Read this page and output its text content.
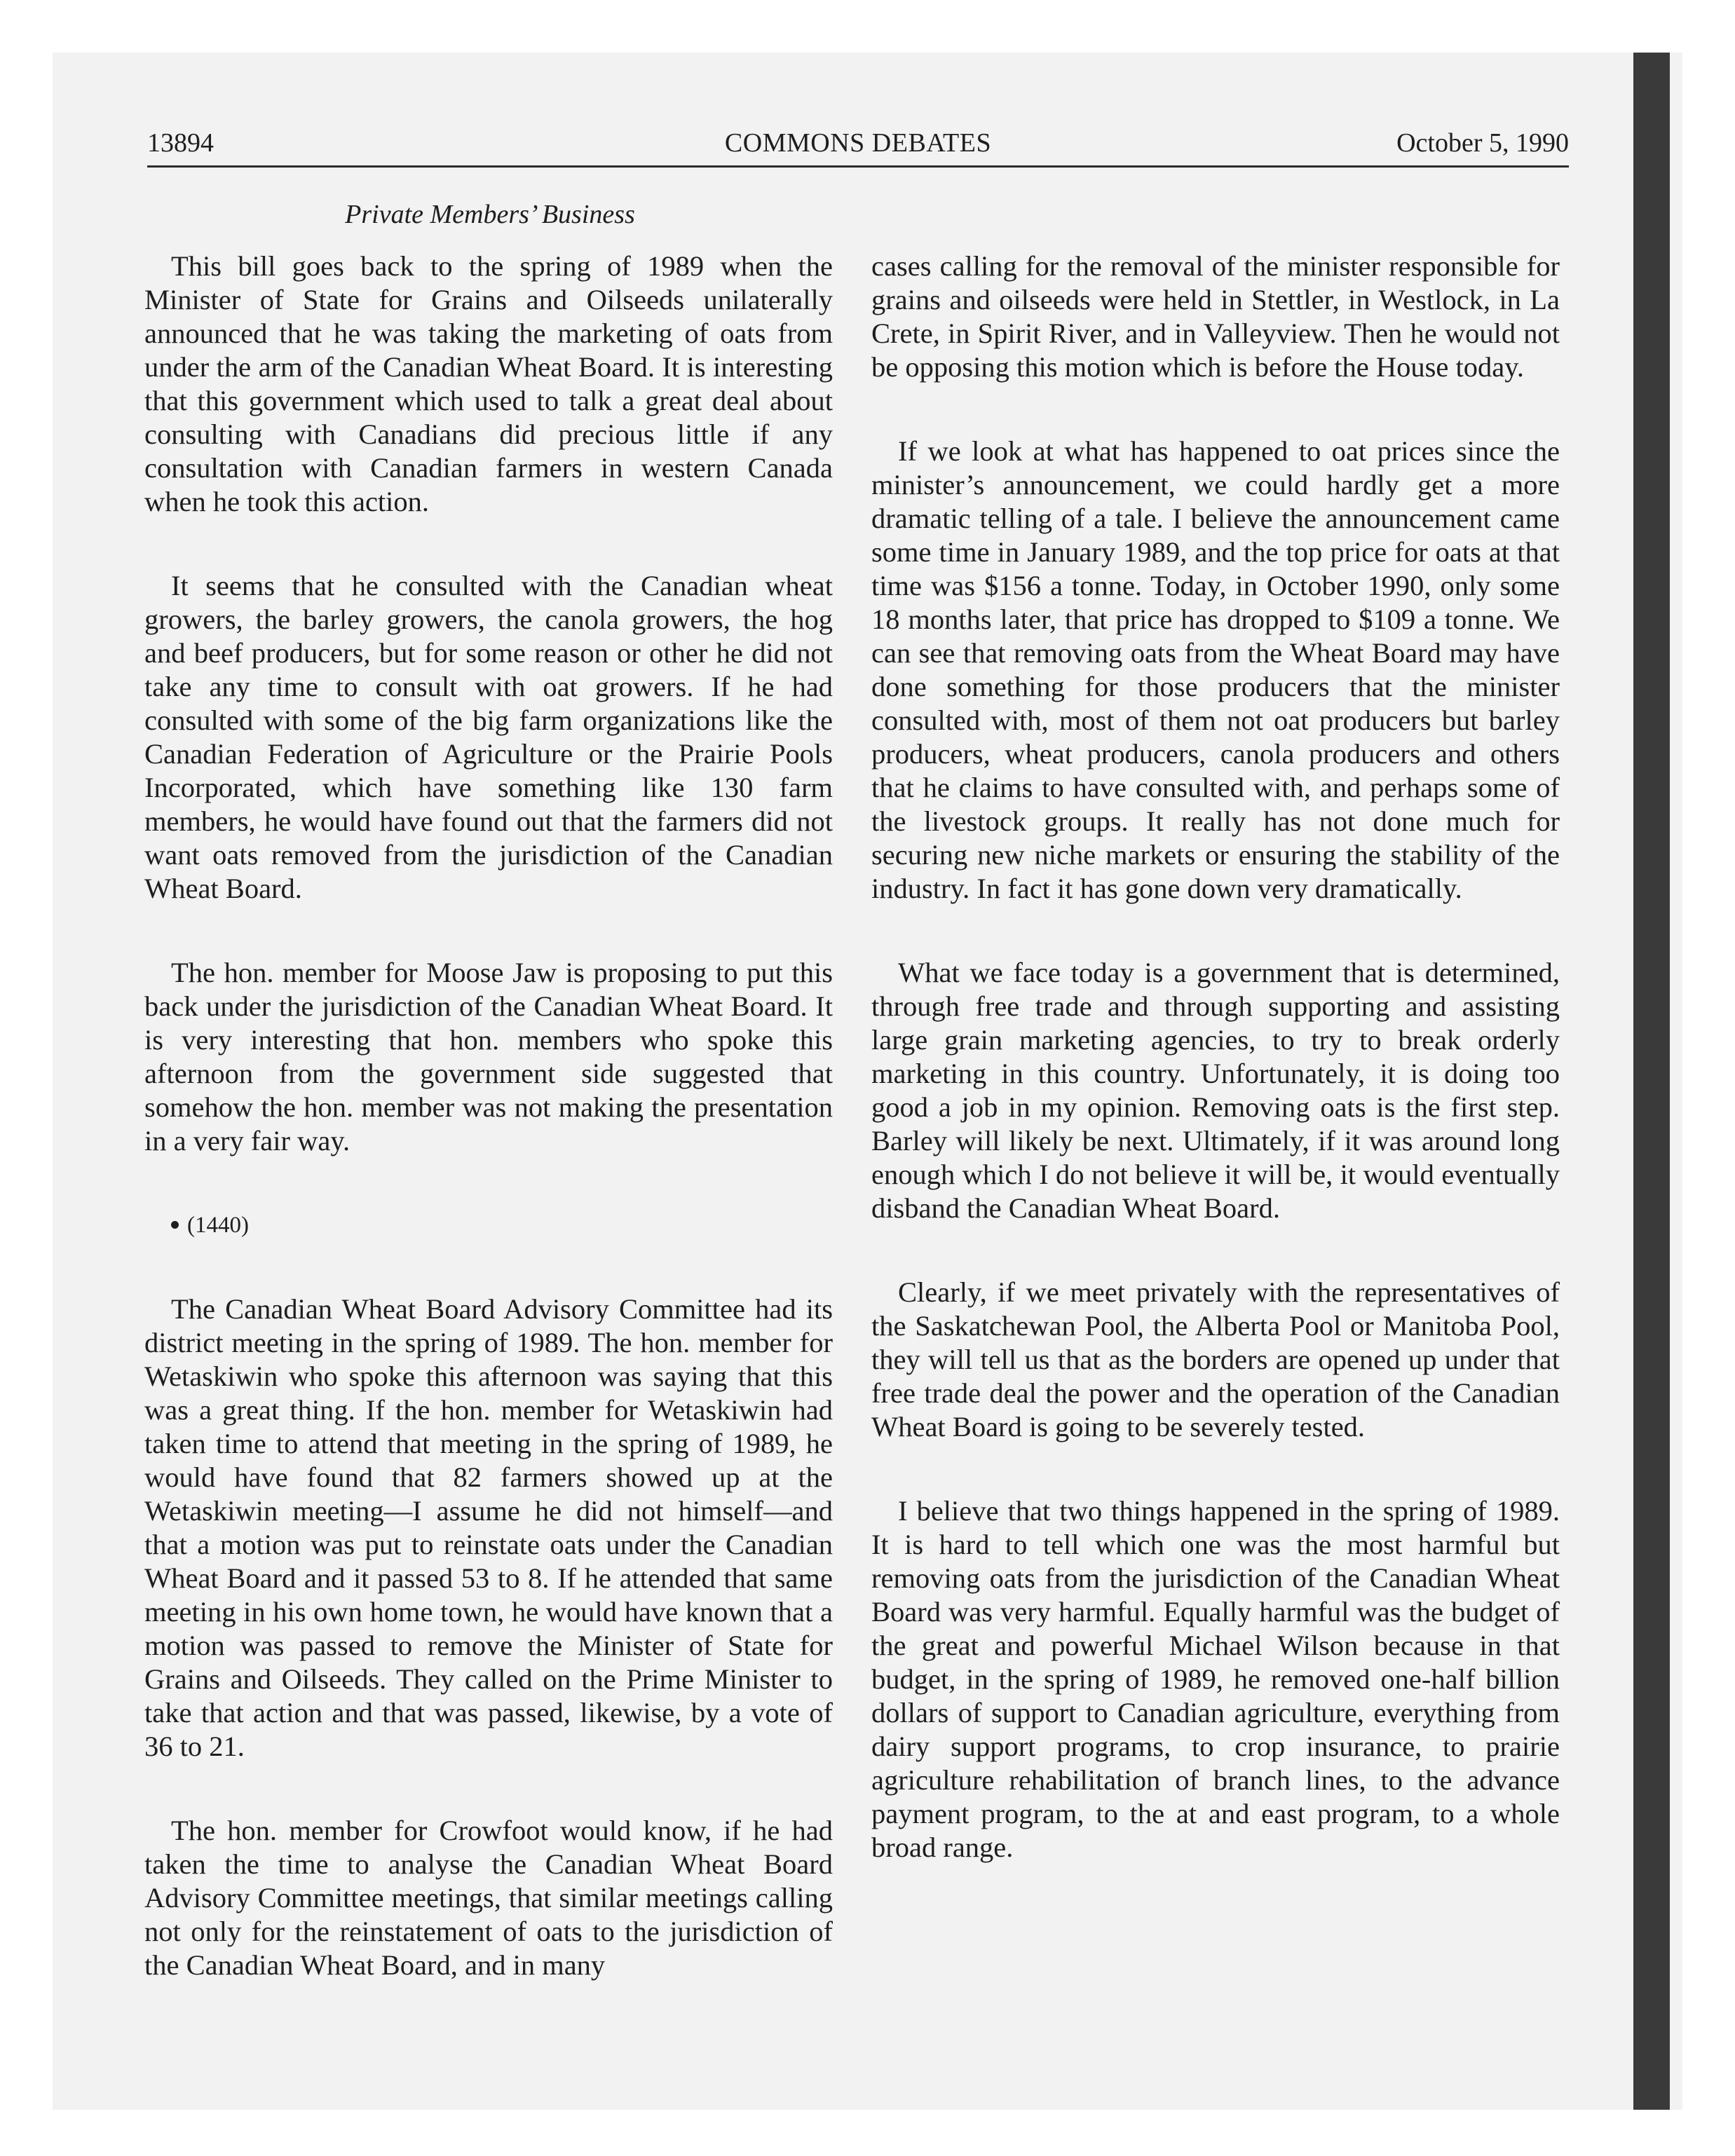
13894	COMMONS DEBATES	October 5, 1990
Private Members’ Business

This bill goes back to the spring of 1989 when the Minister of State for Grains and Oilseeds unilaterally announced that he was taking the marketing of oats from under the arm of the Canadian Wheat Board. It is interesting that this government which used to talk a great deal about consulting with Canadians did precious little if any consultation with Canadian farmers in western Canada when he took this action.

It seems that he consulted with the Canadian wheat growers, the barley growers, the canola growers, the hog and beef producers, but for some reason or other he did not take any time to consult with oat growers. If he had consulted with some of the big farm organizations like the Canadian Federation of Agriculture or the Prairie Pools Incorporated, which have something like 130 farm members, he would have found out that the farmers did not want oats removed from the jurisdiction of the Canadian Wheat Board.

The hon. member for Moose Jaw is proposing to put this back under the jurisdiction of the Canadian Wheat Board. It is very interesting that hon. members who spoke this afternoon from the government side suggested that somehow the hon. member was not making the presentation in a very fair way.

(1440)

The Canadian Wheat Board Advisory Committee had its district meeting in the spring of 1989. The hon. member for Wetaskiwin who spoke this afternoon was saying that this was a great thing. If the hon. member for Wetaskiwin had taken time to attend that meeting in the spring of 1989, he would have found that 82 farmers showed up at the Wetaskiwin meeting—I assume he did not himself—and that a motion was put to reinstate oats under the Canadian Wheat Board and it passed 53 to 8. If he attended that same meeting in his own home town, he would have known that a motion was passed to remove the Minister of State for Grains and Oilseeds. They called on the Prime Minister to take that action and that was passed, likewise, by a vote of 36 to 21.

The hon. member for Crowfoot would know, if he had taken the time to analyse the Canadian Wheat Board Advisory Committee meetings, that similar meetings calling not only for the reinstatement of oats to the jurisdiction of the Canadian Wheat Board, and in many

cases calling for the removal of the minister responsible for grains and oilseeds were held in Stettler, in Westlock, in La Crete, in Spirit River, and in Valleyview. Then he would not be opposing this motion which is before the House today.

If we look at what has happened to oat prices since the minister’s announcement, we could hardly get a more dramatic telling of a tale. I believe the announcement came some time in January 1989, and the top price for oats at that time was $156 a tonne. Today, in October 1990, only some 18 months later, that price has dropped to $109 a tonne. We can see that removing oats from the Wheat Board may have done something for those producers that the minister consulted with, most of them not oat producers but barley producers, wheat producers, canola producers and others that he claims to have consulted with, and perhaps some of the livestock groups. It really has not done much for securing new niche markets or ensuring the stability of the industry. In fact it has gone down very dramatically.

What we face today is a government that is determined, through free trade and through supporting and assisting large grain marketing agencies, to try to break orderly marketing in this country. Unfortunately, it is doing too good a job in my opinion. Removing oats is the first step. Barley will likely be next. Ultimately, if it was around long enough which I do not believe it will be, it would eventually disband the Canadian Wheat Board.

Clearly, if we meet privately with the representatives of the Saskatchewan Pool, the Alberta Pool or Manitoba Pool, they will tell us that as the borders are opened up under that free trade deal the power and the operation of the Canadian Wheat Board is going to be severely tested.

I believe that two things happened in the spring of 1989. It is hard to tell which one was the most harmful but removing oats from the jurisdiction of the Canadian Wheat Board was very harmful. Equally harmful was the budget of the great and powerful Michael Wilson because in that budget, in the spring of 1989, he removed one-half billion dollars of support to Canadian agriculture, everything from dairy support programs, to crop insurance, to prairie agriculture rehabilitation of branch lines, to the advance payment program, to the at and east program, to a whole broad range.
